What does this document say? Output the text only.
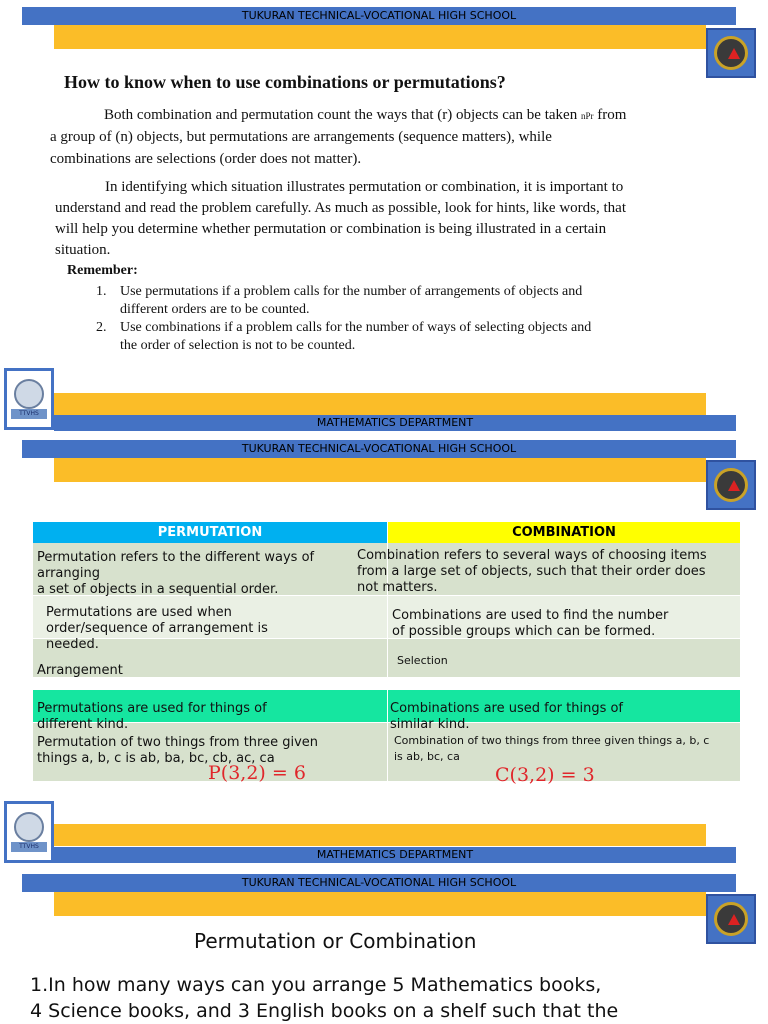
TUKURAN TECHNICAL-VOCATIONAL HIGH SCHOOL
How to know when to use combinations or permutations?
Both combination and permutation count the ways that (r) objects can be taken nPr from
a group of (n) objects, but permutations are arrangements (sequence matters), while
combinations are selections (order does not matter).
In identifying which situation illustrates permutation or combination, it is important to
understand and read the problem carefully. As much as possible, look for hints, like words, that
will help you determine whether permutation or combination is being illustrated in a certain
situation.
Remember:
1. Use permutations if a problem calls for the number of arrangements of objects and
different orders are to be counted.
2. Use combinations if a problem calls for the number of ways of selecting objects and
the order of selection is not to be counted.
TTVHS
MATHEMATICS DEPARTMENT
TUKURAN TECHNICAL-VOCATIONAL HIGH SCHOOL
PERMUTATION	COMBINATION
Permutation refers to the different ways of
arranging
a set of objects in a sequential order.
Combination refers to several ways of choosing items
from a large set of objects, such that their order does
not matters.
Permutations are used when
order/sequence of arrangement is
needed.
Combinations are used to find the number
of possible groups which can be formed.
Arrangement
Selection
Permutations are used for things of
different kind.
Combinations are used for things of
similar kind.
Permutation of two things from three given
things a, b, c is ab, ba, bc, cb, ac, ca
Combination of two things from three given things a, b, c
is ab, bc, ca
P(3,2) = 6	C(3,2) = 3
TTVHS
MATHEMATICS DEPARTMENT
TUKURAN TECHNICAL-VOCATIONAL HIGH SCHOOL
Permutation or Combination
1.In how many ways can you arrange 5 Mathematics books,
4 Science books, and 3 English books on a shelf such that the
